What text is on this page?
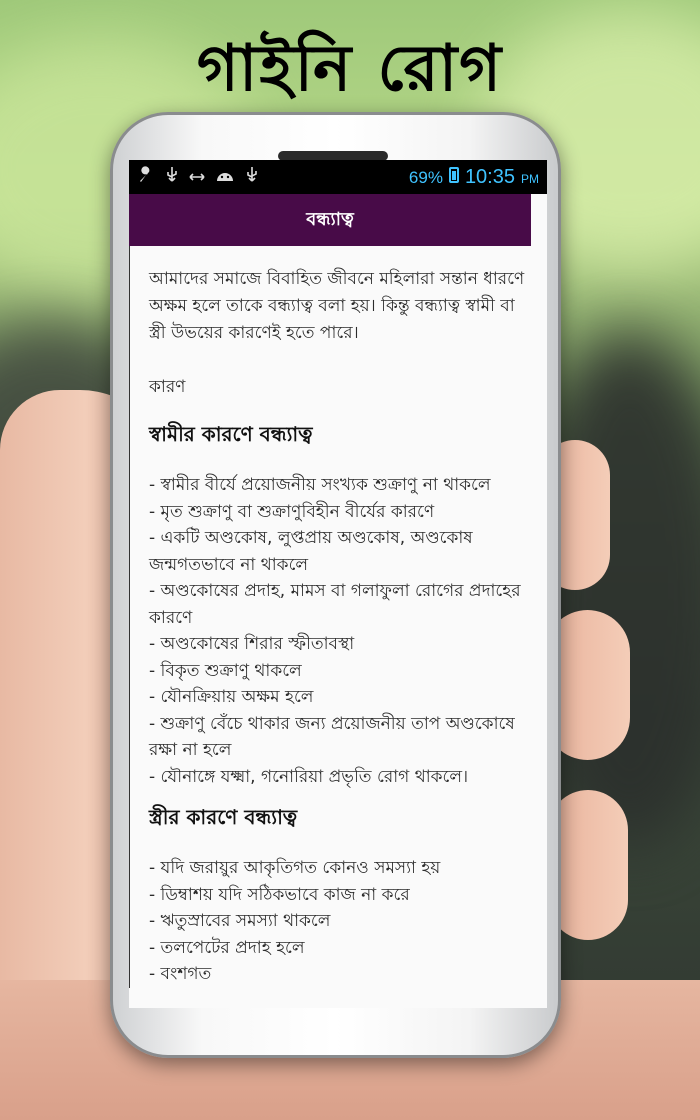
গাইনি রোগ
69% 10:35 PM
বন্ধ্যাত্ব

আমাদের সমাজে বিবাহিত জীবনে মহিলারা সন্তান ধারণে অক্ষম হলে তাকে বন্ধ্যাত্ব বলা হয়। কিন্তু বন্ধ্যাত্ব স্বামী বা স্ত্রী উভয়ের কারণেই হতে পারে।

কারণ

স্বামীর কারণে বন্ধ্যাত্ব

- স্বামীর বীর্যে প্রয়োজনীয় সংখ্যক শুক্রাণু না থাকলে

- মৃত শুক্রাণু বা শুক্রাণুবিহীন বীর্যের কারণে

- একটি অণ্ডকোষ, লুপ্তপ্রায় অণ্ডকোষ, অণ্ডকোষ জন্মগতভাবে না থাকলে

- অণ্ডকোষের প্রদাহ, মামস বা গলাফুলা রোগের প্রদাহের কারণে

- অণ্ডকোষের শিরার স্ফীতাবস্থা

- বিকৃত শুক্রাণু থাকলে

- যৌনক্রিয়ায় অক্ষম হলে

- শুক্রাণু বেঁচে থাকার জন্য প্রয়োজনীয় তাপ অণ্ডকোষে রক্ষা না হলে

- যৌনাঙ্গে যক্ষ্মা, গনোরিয়া প্রভৃতি রোগ থাকলে।

স্ত্রীর কারণে বন্ধ্যাত্ব

- যদি জরায়ুর আকৃতিগত কোনও সমস্যা হয়

- ডিম্বাশয় যদি সঠিকভাবে কাজ না করে

- ঋতুস্রাবের সমস্যা থাকলে

- তলপেটের প্রদাহ হলে

- বংশগত
